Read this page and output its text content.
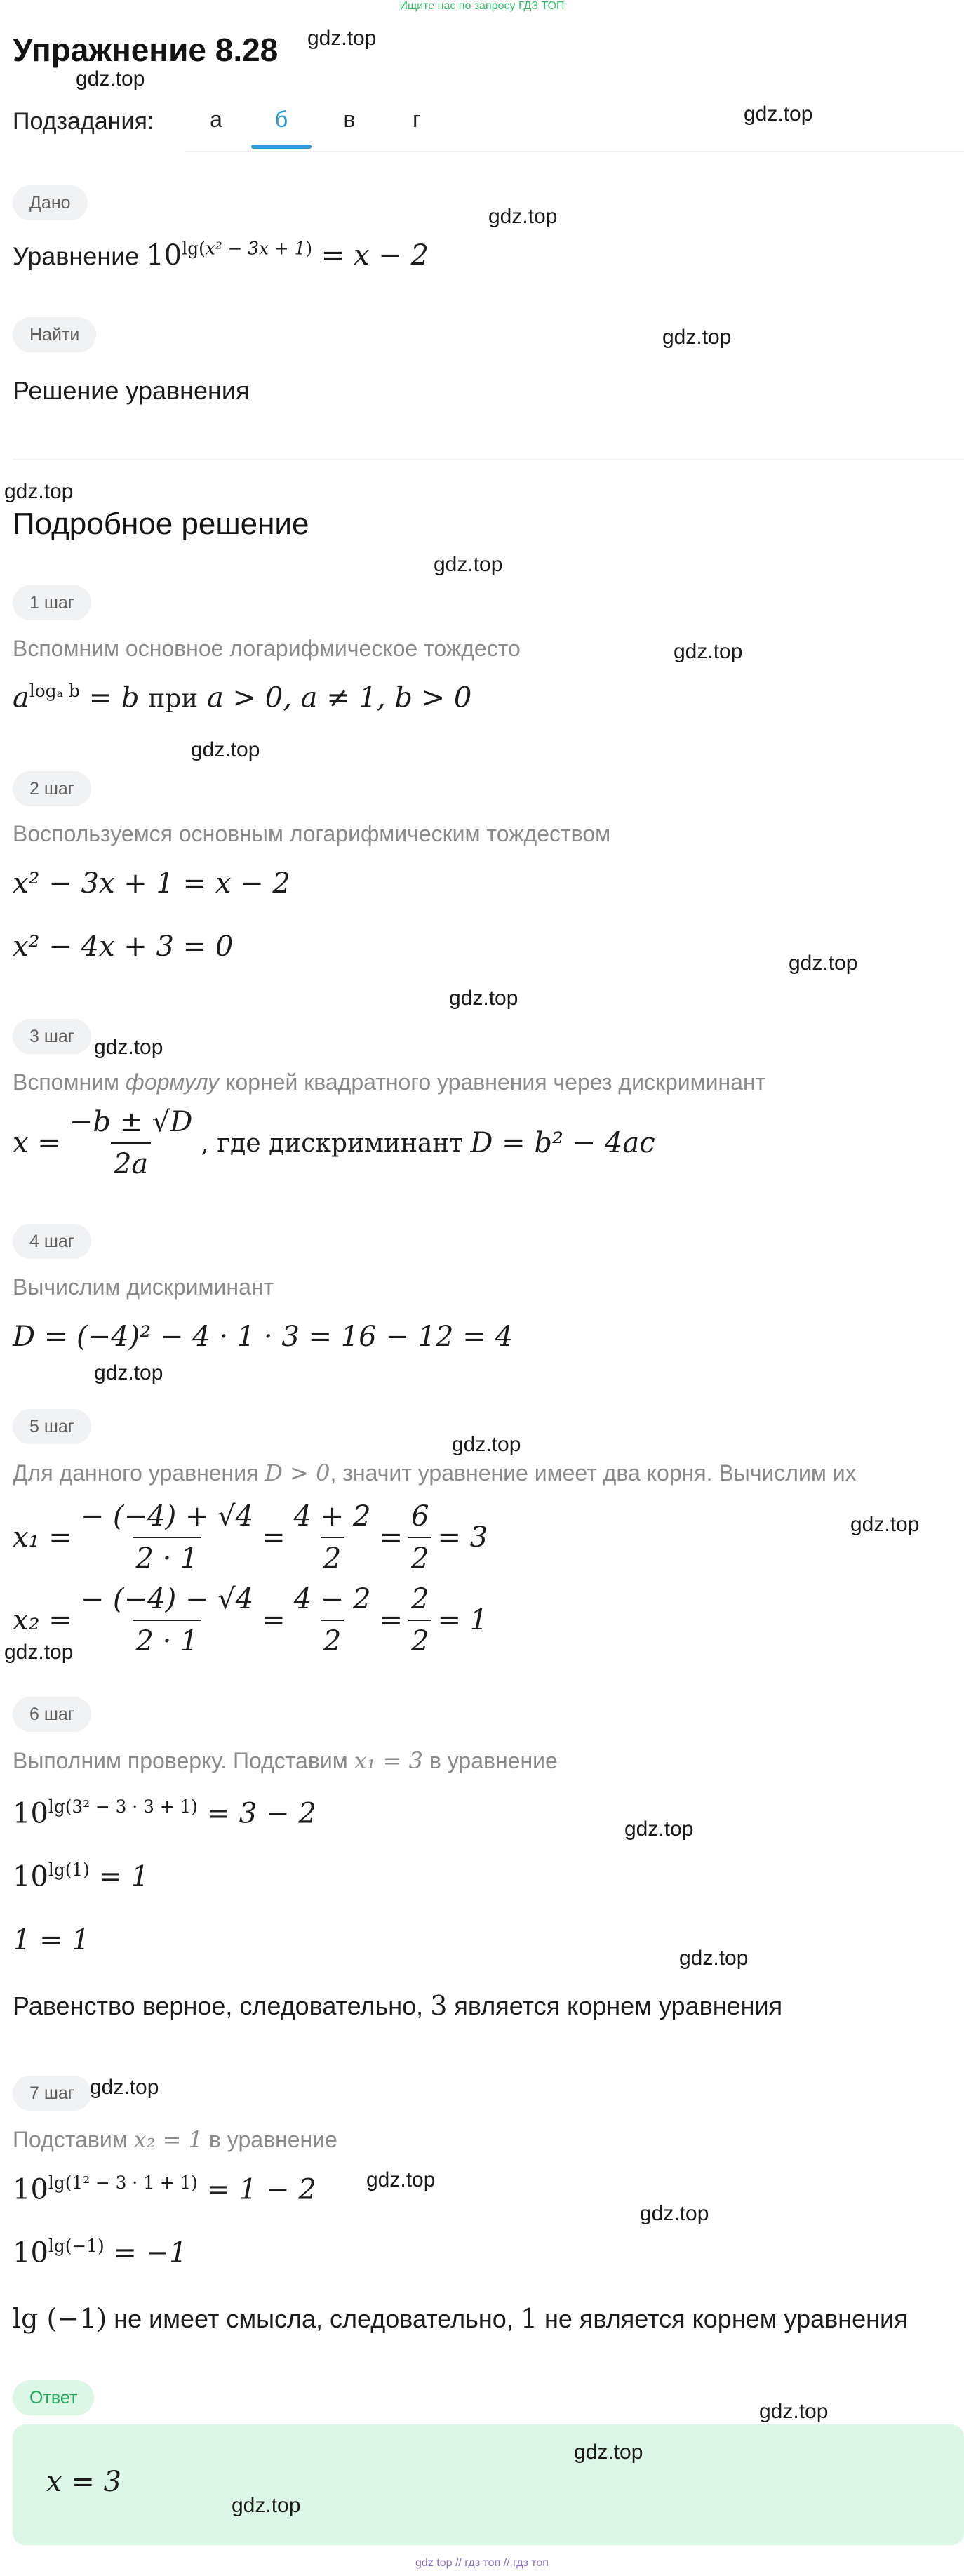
Ищите нас по запросу ГДЗ ТОП
Упражнение 8.28
Подзадания:	а	б	в	г
Дано
Уравнение $10^{lg(x^2 - 3x + 1)} = x - 2$
Найти
Решение уравнения
Подробное решение
1 шаг
Вспомним основное логарифмическое тождесто
$a^{log_a b} = b$ при a > 0, a ≠ 1, b > 0
2 шаг
Воспользуемся основным логарифмическим тождеством
x² − 3x + 1 = x − 2
x² − 4x + 3 = 0
3 шаг
Вспомним формулу корней квадратного уравнения через дискриминант
$x = \frac{-b \pm √D}{2a}$ , где дискриминант D = b² − 4ac
4 шаг
Вычислим дискриминант
D = (−4)² − 4 · 1 · 3 = 16 − 12 = 4
5 шаг
Для данного уравнения D > 0, значит уравнение имеет два корня. Вычислим их
$x_1 = \frac{- (-4) + √4}{2 \cdot 1} = \frac{4 + 2}{2} = \frac{6}{2} = 3$
$x_2 = \frac{- (-4) - √4}{2 \cdot 1} = \frac{4 - 2}{2} = \frac{2}{2} = 1$
6 шаг
Выполним проверку. Подставим x₁ = 3 в уравнение
$10^{lg(3^2 - 3 \cdot 3 + 1)} = 3 - 2$
$10^{lg(1)} = 1$
1 = 1
Равенство верное, следовательно, 3 является корнем уравнения
7 шаг
Подставим x₂ = 1 в уравнение
$10^{lg(1^2 - 3 \cdot 1 + 1)} = 1 - 2$
$10^{lg(-1)} = -1$
lg (−1) не имеет смысла, следовательно, 1 не является корнем уравнения
Ответ
x = 3
gdz.top
gdz.top
gdz.top
gdz.top
gdz.top
gdz.top
gdz.top
gdz.top
gdz.top
gdz.top
gdz.top
gdz.top
gdz.top
gdz.top
gdz.top
gdz.top
gdz.top
gdz.top
gdz.top
gdz.top
gdz.top
gdz.top
gdz.top
gdz.top
gdz top // гдз топ // гдз топ
